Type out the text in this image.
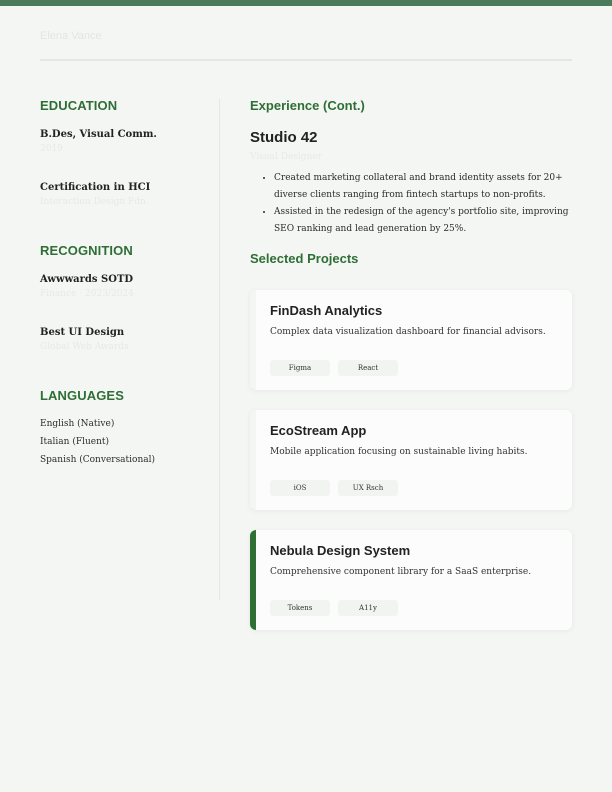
Elena Vance
EDUCATION
B.Des, Visual Comm.
2019
Certification in HCI
Interaction Design Fdn.
RECOGNITION
Awwwards SOTD
Finance · 2023/2024
Best UI Design
Global Web Awards
LANGUAGES
English (Native)
Italian (Fluent)
Spanish (Conversational)
Experience (Cont.)
Studio 42
Visual Designer
• Created marketing collateral and brand identity assets for 20+ diverse clients ranging from fintech startups to non-profits.
• Assisted in the redesign of the agency's portfolio site, improving SEO ranking and lead generation by 25%.
Selected Projects
FinDash Analytics
Complex data visualization dashboard for financial advisors.
Figma	React
EcoStream App
Mobile application focusing on sustainable living habits.
iOS	UX Rsch
Nebula Design System
Comprehensive component library for a SaaS enterprise.
Tokens	A11y
